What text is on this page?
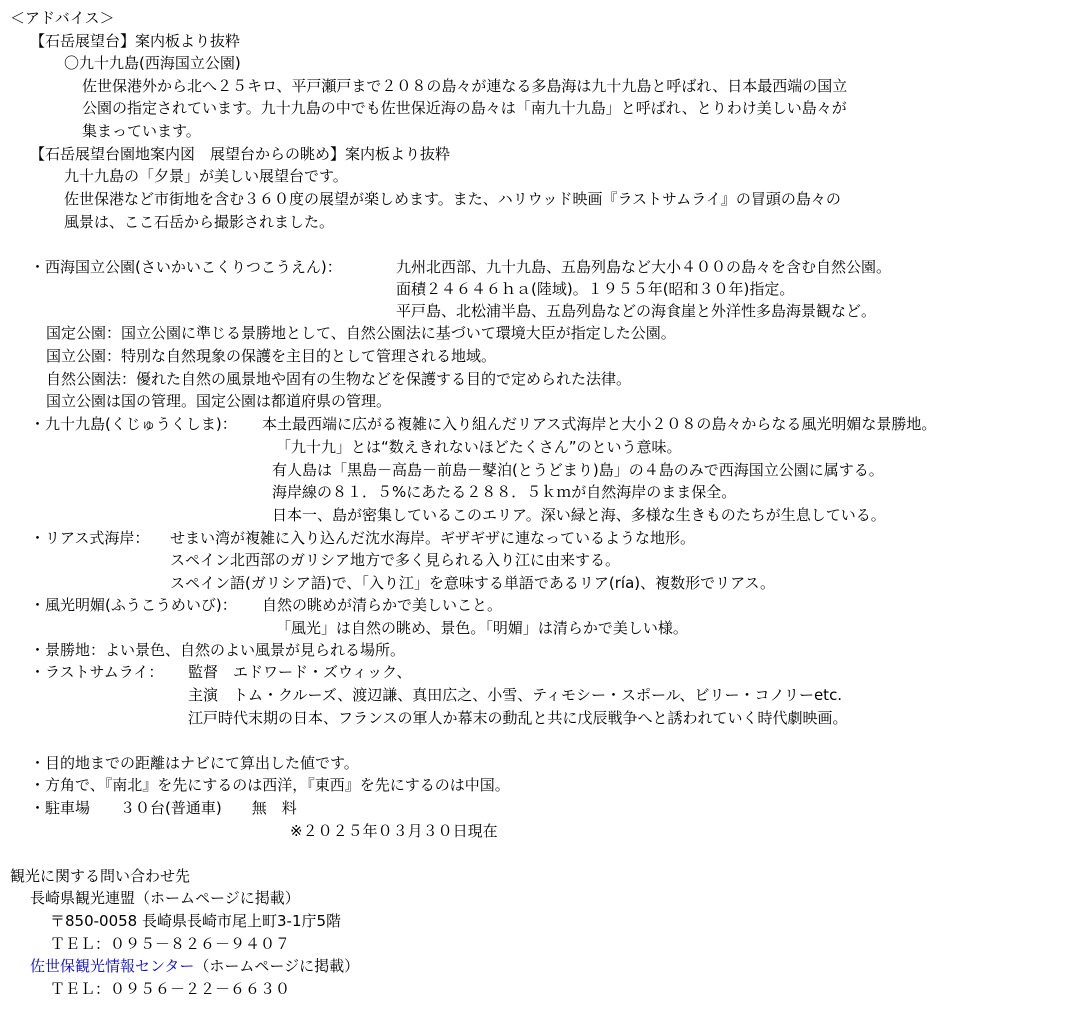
＜アドバイス＞
【石岳展望台】案内板より抜粋
〇九十九島(西海国立公園)
佐世保港外から北へ２５キロ、平戸瀬戸まで２０８の島々が連なる多島海は九十九島と呼ばれ、日本最西端の国立
公園の指定されています。九十九島の中でも佐世保近海の島々は「南九十九島」と呼ばれ、とりわけ美しい島々が
集まっています。
【石岳展望台園地案内図　展望台からの眺め】案内板より抜粋
九十九島の「夕景」が美しい展望台です。
佐世保港など市街地を含む３６０度の展望が楽しめます。また、ハリウッド映画『ラストサムライ』の冒頭の島々の
風景は、ここ石岳から撮影されました。
・西海国立公園(さいかいこくりつこうえん)：	九州北西部、九十九島、五島列島など大小４００の島々を含む自然公園。
面積２４６４６ｈａ(陸域)。１９５５年(昭和３０年)指定。
平戸島、北松浦半島、五島列島などの海食崖と外洋性多島海景観など。
国定公園：国立公園に準じる景勝地として、自然公園法に基づいて環境大臣が指定した公園。
国立公園：特別な自然現象の保護を主目的として管理される地域。
自然公園法：優れた自然の風景地や固有の生物などを保護する目的で定められた法律。
国立公園は国の管理。国定公園は都道府県の管理。
・九十九島(くじゅうくしま)： 本土最西端に広がる複雑に入り組んだリアス式海岸と大小２０８の島々からなる風光明媚な景勝地。
「九十九」とは“数えきれないほどたくさん”のという意味。
有人島は「黒島－高島－前島－鼕泊(とうどまり)島」の４島のみで西海国立公園に属する。
海岸線の８１．５%にあたる２８８．５ｋｍが自然海岸のまま保全。
日本一、島が密集しているこのエリア。深い緑と海、多様な生きものたちが生息している。
・リアス式海岸： せまい湾が複雑に入り込んだ沈水海岸。ギザギザに連なっているような地形。
スペイン北西部のガリシア地方で多く見られる入り江に由来する。
スペイン語(ガリシア語)で、「入り江」を意味する単語であるリア(ría)、複数形でリアス。
・風光明媚(ふうこうめいび)： 自然の眺めが清らかで美しいこと。
「風光」は自然の眺め、景色。「明媚」は清らかで美しい様。
・景勝地：よい景色、自然のよい風景が見られる場所。
・ラストサムライ： 監督　エドワード・ズウィック、
主演　トム・クルーズ、渡辺謙、真田広之、小雪、ティモシー・スポール、ビリー・コノリーetc.
江戸時代末期の日本、フランスの軍人か幕末の動乱と共に戊辰戦争へと誘われていく時代劇映画。
・目的地までの距離はナビにて算出した値です。
・方角で、『南北』を先にするのは西洋，『東西』を先にするのは中国。
・駐車場　　３０台(普通車)　　無　料
※２０２５年０３月３０日現在
観光に関する問い合わせ先
長崎県観光連盟（ホームページに掲載）
〒850-0058 長崎県長崎市尾上町3-1庁5階
ＴＥＬ：０９５－８２６－９４０７
佐世保観光情報センター（ホームページに掲載）
ＴＥＬ：０９５６－２２－６６３０
